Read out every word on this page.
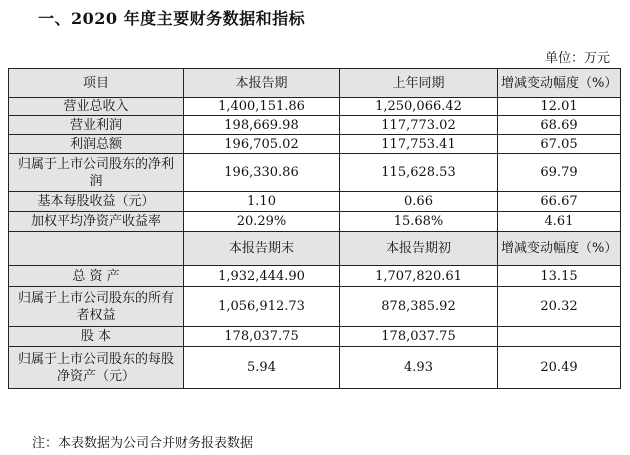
一、2020 年度主要财务数据和指标
单位：万元
项目	本报告期	上年同期	增减变动幅度（%）
营业总收入	1,400,151.86	1,250,066.42	12.01
营业利润	198,669.98	117,773.02	68.69
利润总额	196,705.02	117,753.41	67.05
归属于上市公司股东的净利润	196,330.86	115,628.53	69.79
基本每股收益（元）	1.10	0.66	66.67
加权平均净资产收益率	20.29%	15.68%	4.61
	本报告期末	本报告期初	增减变动幅度（%）
总 资 产	1,932,444.90	1,707,820.61	13.15
归属于上市公司股东的所有者权益	1,056,912.73	878,385.92	20.32
股 本	178,037.75	178,037.75	
归属于上市公司股东的每股净资产（元）	5.94	4.93	20.49
注：本表数据为公司合并财务报表数据
